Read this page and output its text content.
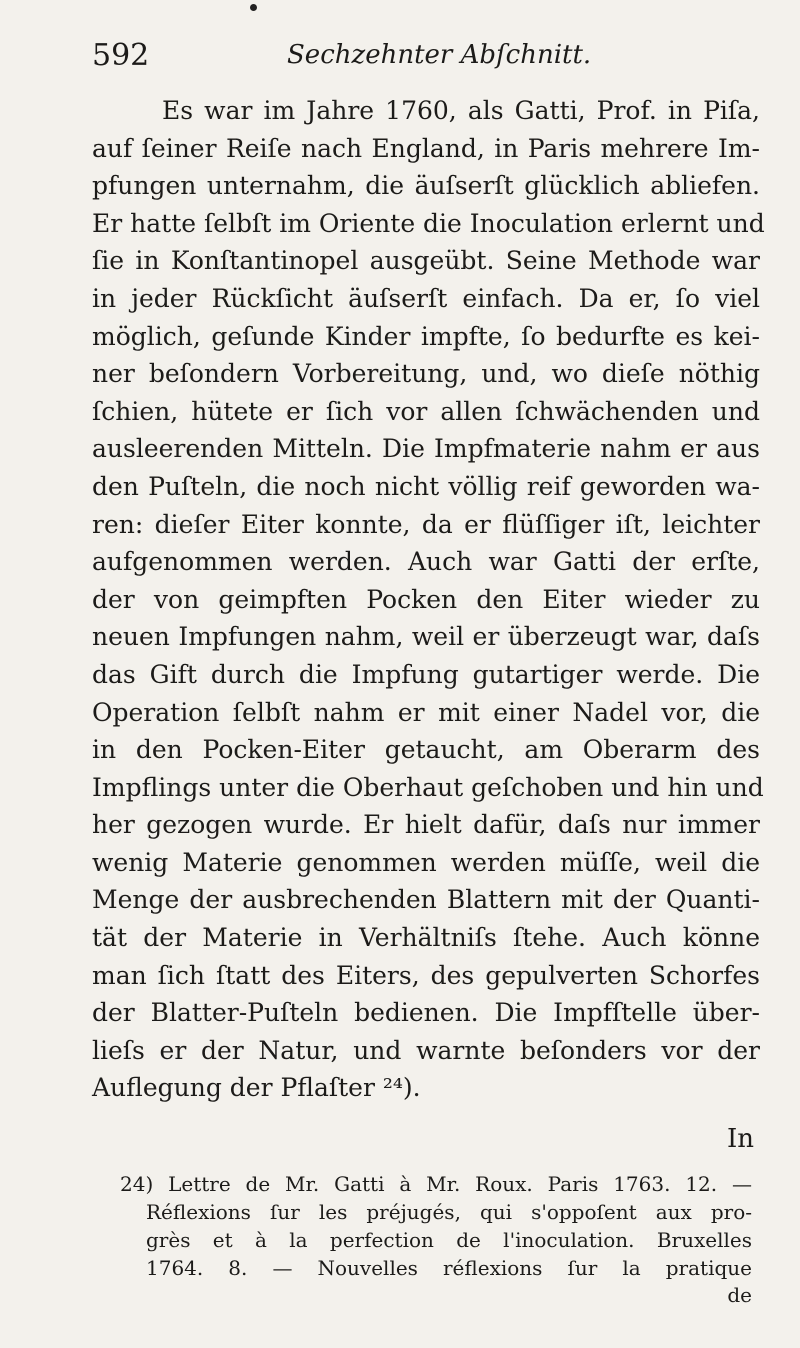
592	Sechzehnter Abſchnitt.
Es war im Jahre 1760, als Gatti, Prof. in Piſa,
auf ſeiner Reiſe nach England, in Paris mehrere Im-
pfungen unternahm, die äuſserſt glücklich abliefen.
Er hatte ſelbſt im Oriente die Inoculation erlernt und
ſie in Konſtantinopel ausgeübt. Seine Methode war
in jeder Rückſicht äuſserſt einfach. Da er, ſo viel
möglich, geſunde Kinder impfte, ſo bedurfte es kei-
ner beſondern Vorbereitung, und, wo dieſe nöthig
ſchien, hütete er ſich vor allen ſchwächenden und
ausleerenden Mitteln. Die Impfmaterie nahm er aus
den Puſteln, die noch nicht völlig reif geworden wa-
ren: dieſer Eiter konnte, da er flüſſiger iſt, leichter
aufgenommen werden. Auch war Gatti der erſte,
der von geimpften Pocken den Eiter wieder zu
neuen Impfungen nahm, weil er überzeugt war, daſs
das Gift durch die Impfung gutartiger werde. Die
Operation ſelbſt nahm er mit einer Nadel vor, die
in den Pocken-Eiter getaucht, am Oberarm des
Impflings unter die Oberhaut geſchoben und hin und
her gezogen wurde. Er hielt dafür, daſs nur immer
wenig Materie genommen werden müſſe, weil die
Menge der ausbrechenden Blattern mit der Quanti-
tät der Materie in Verhältniſs ſtehe. Auch könne
man ſich ſtatt des Eiters, des gepulverten Schorfes
der Blatter-Puſteln bedienen. Die Impfſtelle über-
lieſs er der Natur, und warnte beſonders vor der
Auflegung der Pflaſter ²⁴).
In
24) Lettre de Mr. Gatti à Mr. Roux. Paris 1763. 12. —
Réflexions ſur les préjugés, qui s'oppoſent aux pro-
grès et à la perfection de l'inoculation. Bruxelles
1764. 8. — Nouvelles réflexions ſur la pratique
de
